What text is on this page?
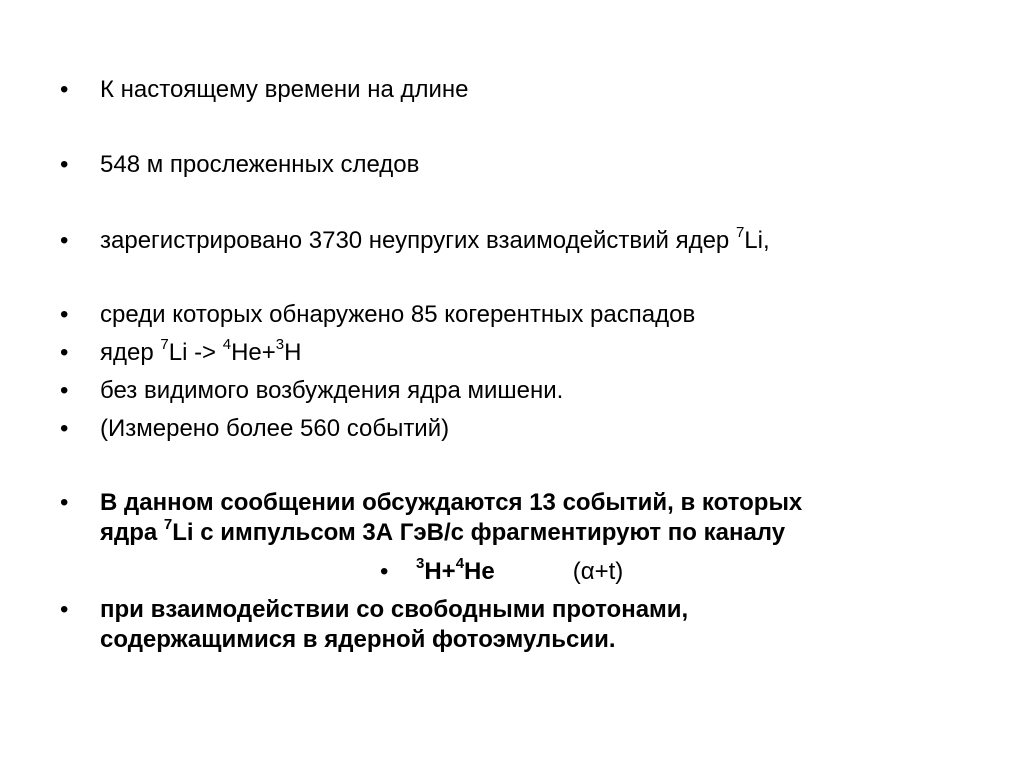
•	К настоящему времени на длине
•	548 м прослеженных следов
•	зарегистрировано 3730 неупругих взаимодействий ядер $^7$Li,
•	среди которых обнаружено 85 когерентных распадов
•	ядер $^7$Li -> $^4$He+$^3$H
•	без видимого возбуждения ядра мишени.
•	(Измерено более 560 событий)
•	В данном сообщении обсуждаются 13 событий, в которых
ядра $^7$Li с импульсом 3А ГэВ/с фрагментируют по каналу
• $^3$H+$^4$He	(α+t)
•	при взаимодействии со свободными протонами,
содержащимися в ядерной фотоэмульсии.
